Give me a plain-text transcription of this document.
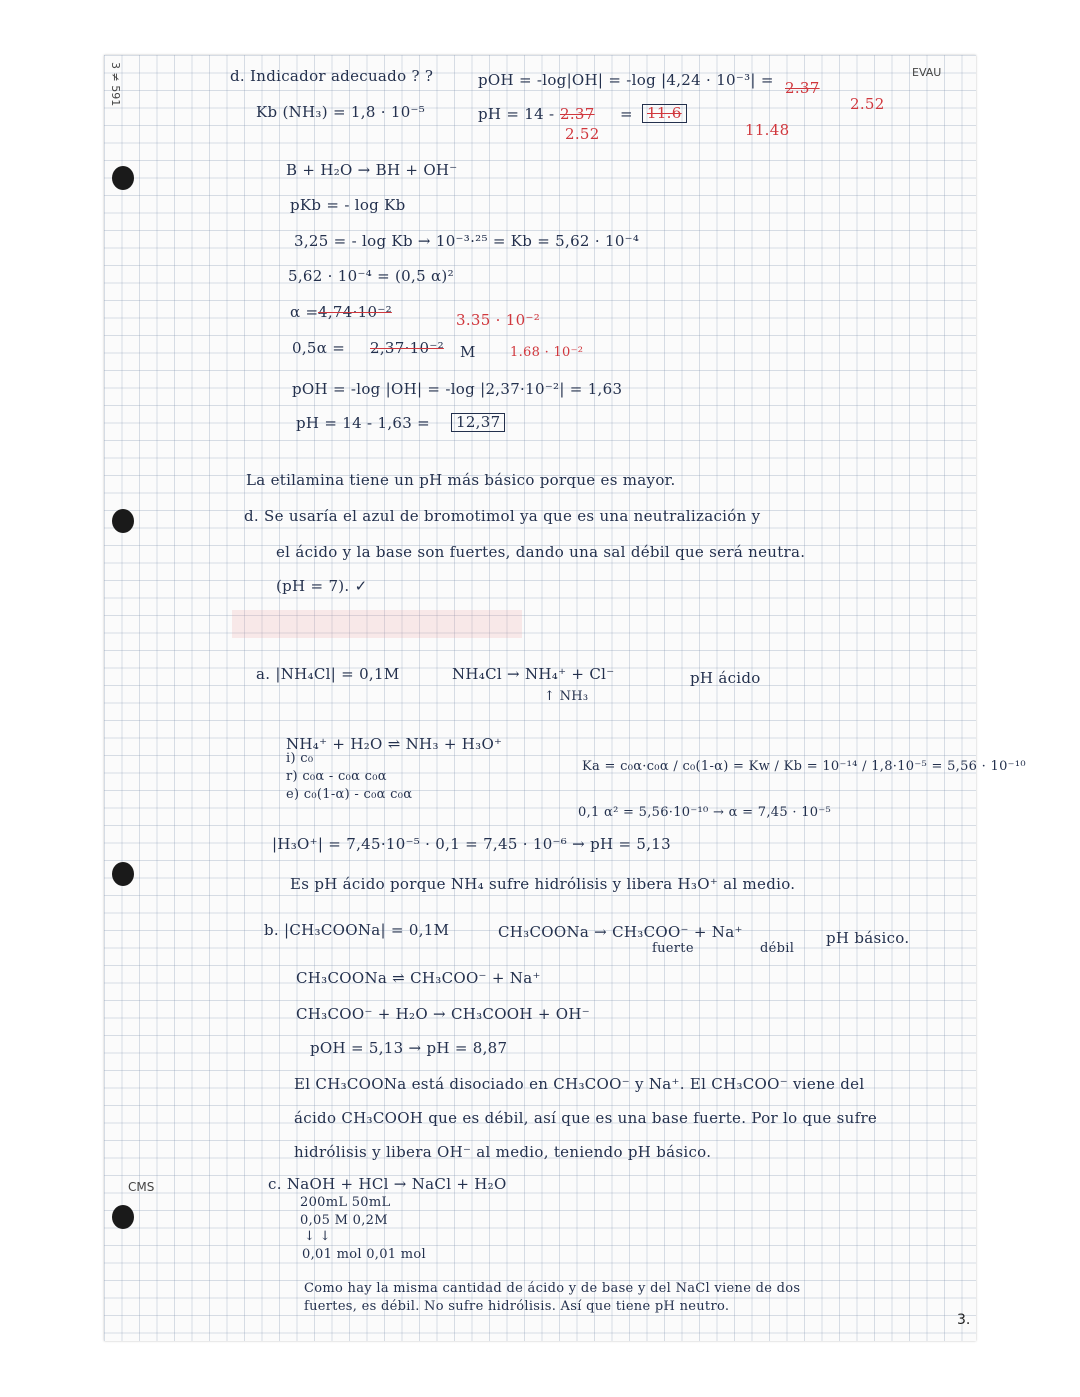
3 ≠ 591	EVAU
CMS
3.
d. Indicador adecuado ? ?
Kb (NH₃) = 1,8 · 10⁻⁵
pOH = -log|OH| = -log |4,24 · 10⁻³| = 2.37
2.52
pH = 14 - 2.37 = 11.6
2.52	11.48
B + H₂O → BH + OH⁻
pKb = - log Kb
3,25 = - log Kb → 10⁻³·²⁵ = Kb = 5,62 · 10⁻⁴
5,62 · 10⁻⁴ = (0,5 α)²
α = 4,74·10⁻²	3.35 · 10⁻²
0,5α = 2,37·10⁻² M	1.68 · 10⁻²
pOH = -log |OH| = -log |2,37·10⁻²| = 1,63
pH = 14 - 1,63 =	12,37
La etilamina tiene un pH más básico porque es mayor.
d. Se usaría el azul de bromotimol ya que es una neutralización y
el ácido y la base son fuertes, dando una sal débil que será neutra.
(pH = 7). ✓
a. |NH₄Cl| = 0,1M	NH₄Cl → NH₄⁺ + Cl⁻
↑ NH₃
pH ácido
NH₄⁺ + H₂O ⇌ NH₃ + H₃O⁺
i) c₀
r) c₀α - c₀α c₀α
e) c₀(1-α) - c₀α c₀α
Ka = c₀α·c₀α / c₀(1-α) = Kw / Kb = 10⁻¹⁴ / 1,8·10⁻⁵ = 5,56 · 10⁻¹⁰
0,1 α² = 5,56·10⁻¹⁰ → α = 7,45 · 10⁻⁵
|H₃O⁺| = 7,45·10⁻⁵ · 0,1 = 7,45 · 10⁻⁶ → pH = 5,13
Es pH ácido porque NH₄ sufre hidrólisis y libera H₃O⁺ al medio.
b. |CH₃COONa| = 0,1M	CH₃COONa → CH₃COO⁻ + Na⁺
fuerte	débil
pH básico.
CH₃COONa ⇌ CH₃COO⁻ + Na⁺
CH₃COO⁻ + H₂O → CH₃COOH + OH⁻
pOH = 5,13 → pH = 8,87
El CH₃COONa está disociado en CH₃COO⁻ y Na⁺. El CH₃COO⁻ viene del
ácido CH₃COOH que es débil, así que es una base fuerte. Por lo que sufre
hidrólisis y libera OH⁻ al medio, teniendo pH básico.
c. NaOH + HCl → NaCl + H₂O
200mL 50mL
0,05 M 0,2M
↓ ↓
0,01 mol 0,01 mol
Como hay la misma cantidad de ácido y de base y del NaCl viene de dos
fuertes, es débil. No sufre hidrólisis. Así que tiene pH neutro.
